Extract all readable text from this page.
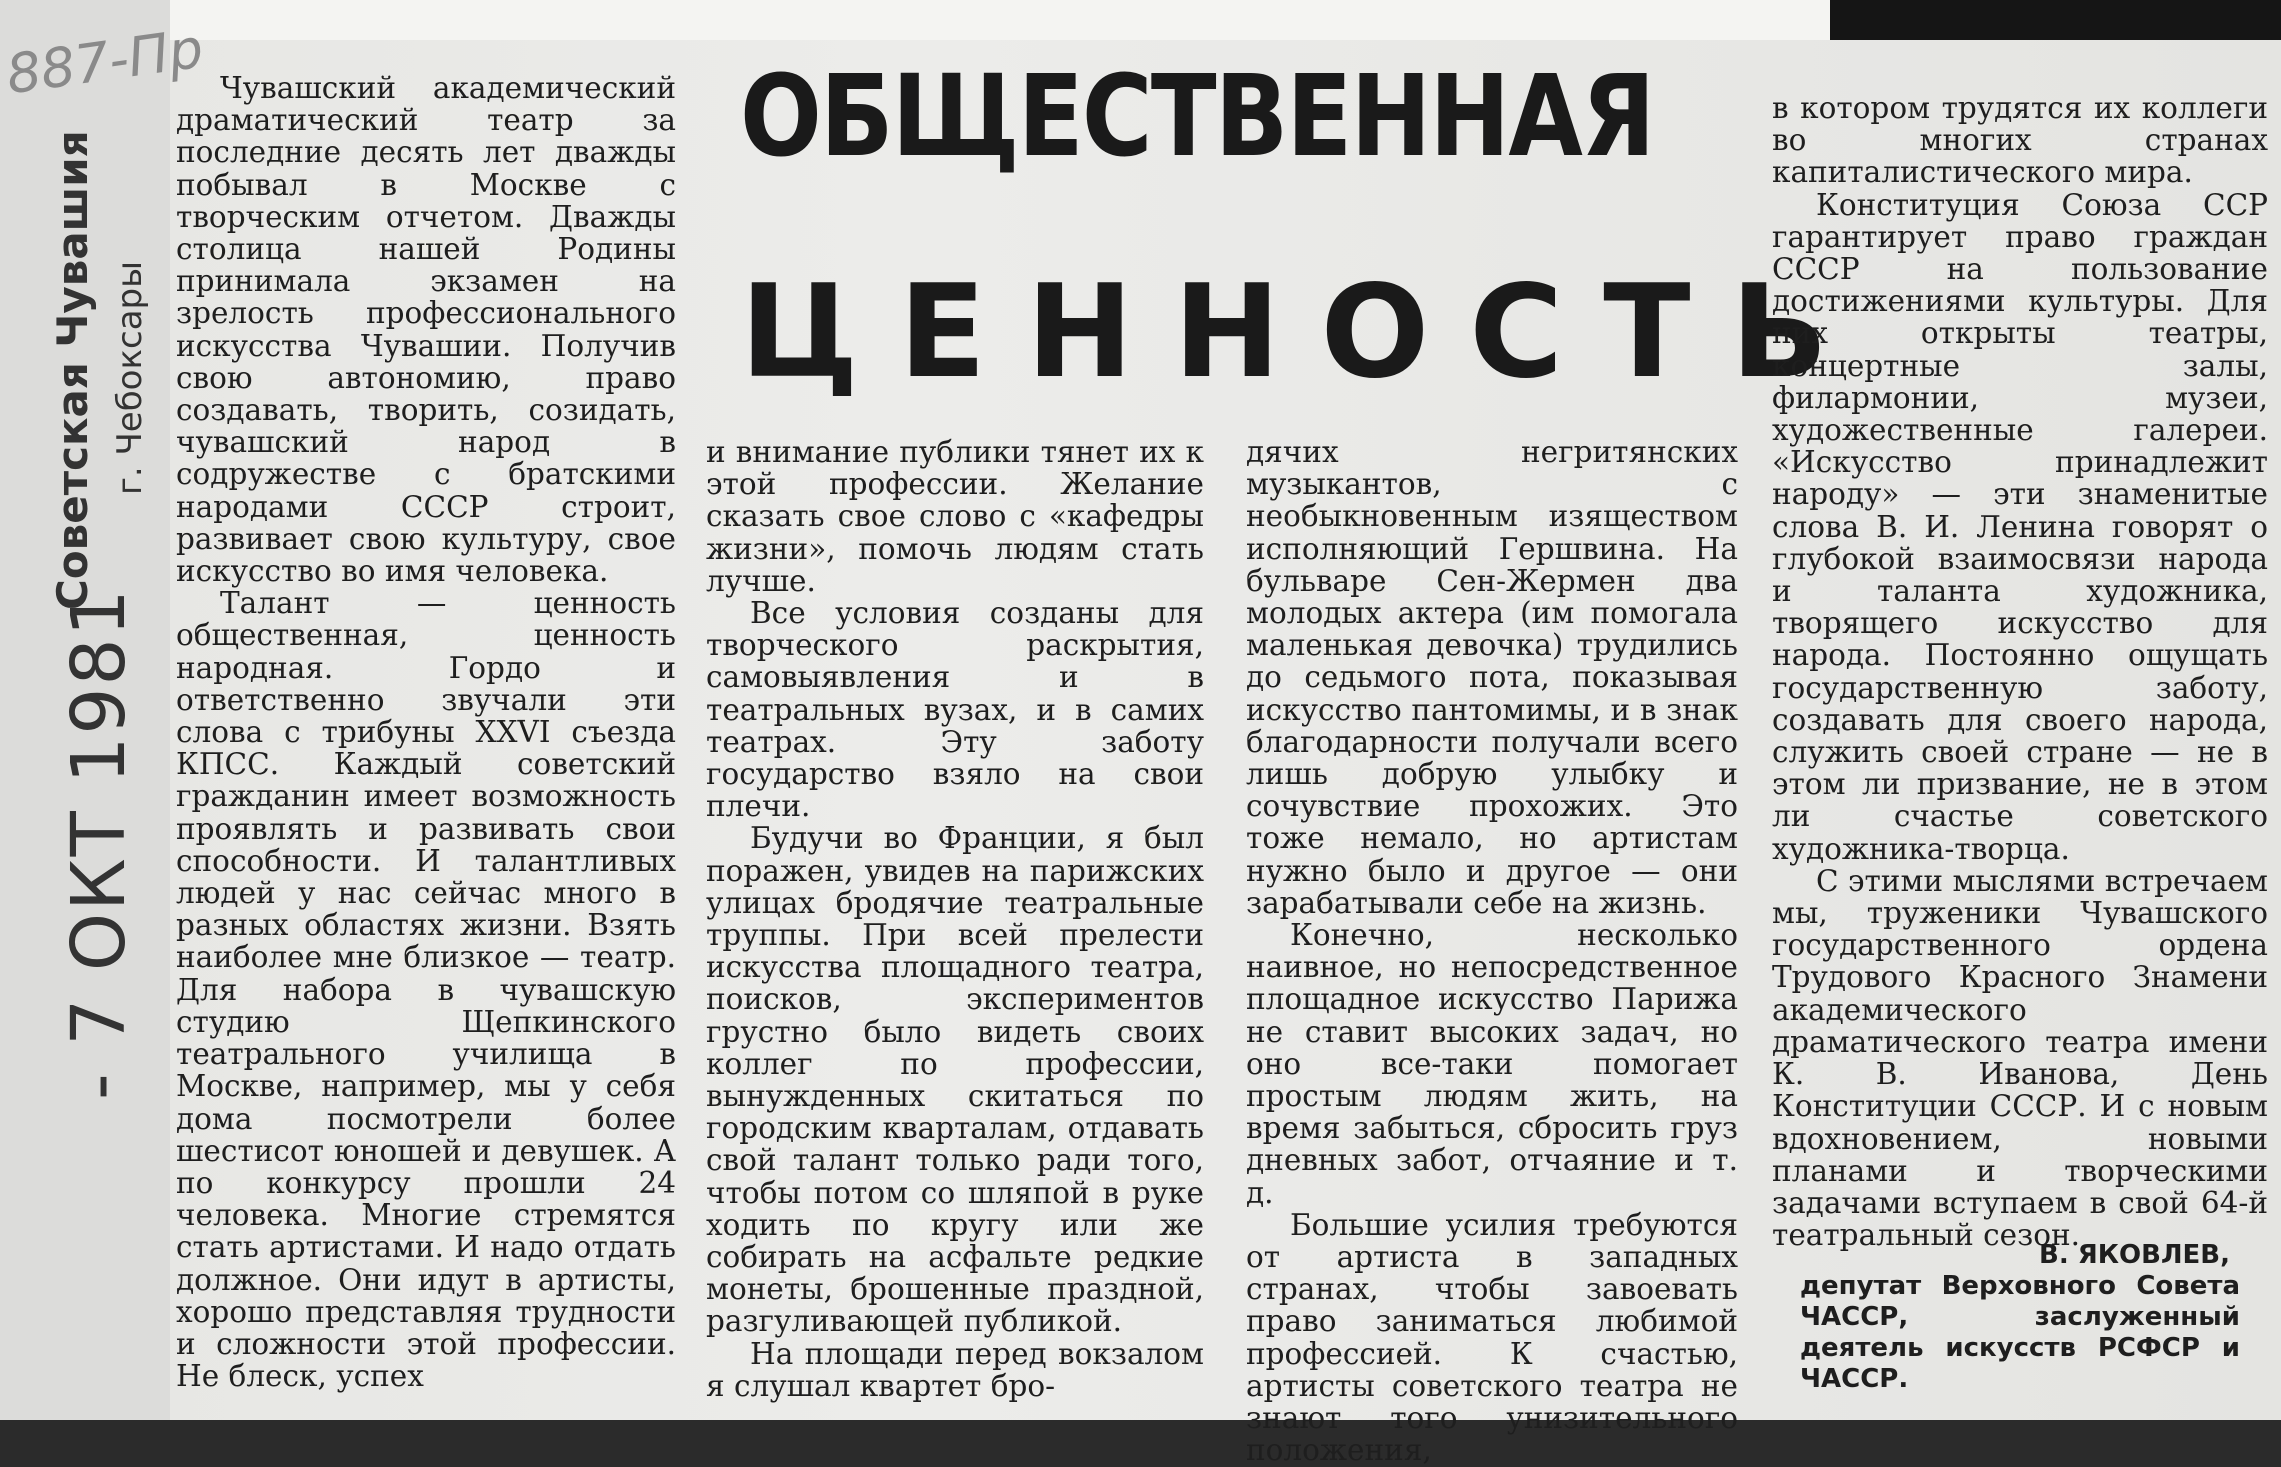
887-Пр
Советская Чувашия г. Чебоксары
- 7 ОКТ 1981
ОБЩЕСТВЕННАЯ
ЦЕННОСТЬ

Чувашский академический драматический театр за последние десять лет дважды побывал в Москве с творческим отчетом. Дважды столица нашей Родины принимала экзамен на зрелость профессионального искусства Чувашии. Получив свою автономию, право создавать, творить, созидать, чувашский народ в содружестве с братскими народами СССР строит, развивает свою культуру, свое искусство во имя человека.

Талант — ценность общественная, ценность народная. Гордо и ответственно звучали эти слова с трибуны XXVI съезда КПСС. Каждый советский гражданин имеет возможность проявлять и развивать свои способности. И талантливых людей у нас сейчас много в разных областях жизни. Взять наиболее мне близкое — театр. Для набора в чувашскую студию Щепкинского театрального училища в Москве, например, мы у себя дома посмотрели более шестисот юношей и девушек. А по конкурсу прошли 24 человека. Многие стремятся стать артистами. И надо отдать должное. Они идут в артисты, хорошо представляя трудности и сложности этой профессии. Не блеск, успех

и внимание публики тянет их к этой профессии. Желание сказать свое слово с «кафедры жизни», помочь людям стать лучше.

Все условия созданы для творческого раскрытия, самовыявления и в театральных вузах, и в самих театрах. Эту заботу государство взяло на свои плечи.

Будучи во Франции, я был поражен, увидев на парижских улицах бродячие театральные труппы. При всей прелести искусства площадного театра, поисков, экспериментов грустно было видеть своих коллег по профессии, вынужденных скитаться по городским кварталам, отдавать свой талант только ради того, чтобы потом со шляпой в руке ходить по кругу или же собирать на асфальте редкие монеты, брошенные праздной, разгуливающей публикой.

На площади перед вокзалом я слушал квартет бро-

дячих негритянских музыкантов, с необыкновенным изяществом исполняющий Гершвина. На бульваре Сен-Жермен два молодых актера (им помогала маленькая девочка) трудились до седьмого пота, показывая искусство пантомимы, и в знак благодарности получали всего лишь добрую улыбку и сочувствие прохожих. Это тоже немало, но артистам нужно было и другое — они зарабатывали себе на жизнь.

Конечно, несколько наивное, но непосредственное площадное искусство Парижа не ставит высоких задач, но оно все-таки помогает простым людям жить, на время забыться, сбросить груз дневных забот, отчаяние и т. д.

Большие усилия требуются от артиста в западных странах, чтобы завоевать право заниматься любимой профессией. К счастью, артисты советского театра не знают того унизительного положения,

в котором трудятся их коллеги во многих странах капиталистического мира.

Конституция Союза ССР гарантирует право граждан СССР на пользование достижениями культуры. Для них открыты театры, концертные залы, филармонии, музеи, художественные галереи. «Искусство принадлежит народу» — эти знаменитые слова В. И. Ленина говорят о глубокой взаимосвязи народа и таланта художника, творящего искусство для народа. Постоянно ощущать государственную заботу, создавать для своего народа, служить своей стране — не в этом ли призвание, не в этом ли счастье советского художника-творца.

С этими мыслями встречаем мы, труженики Чувашского государственного ордена Трудового Красного Знамени академического драматического театра имени К. В. Иванова, День Конституции СССР. И с новым вдохновением, новыми планами и творческими задачами вступаем в свой 64-й театральный сезон.

В. ЯКОВЛЕВ,
депутат Верховного Совета ЧАССР, заслуженный деятель искусств РСФСР и ЧАССР.
